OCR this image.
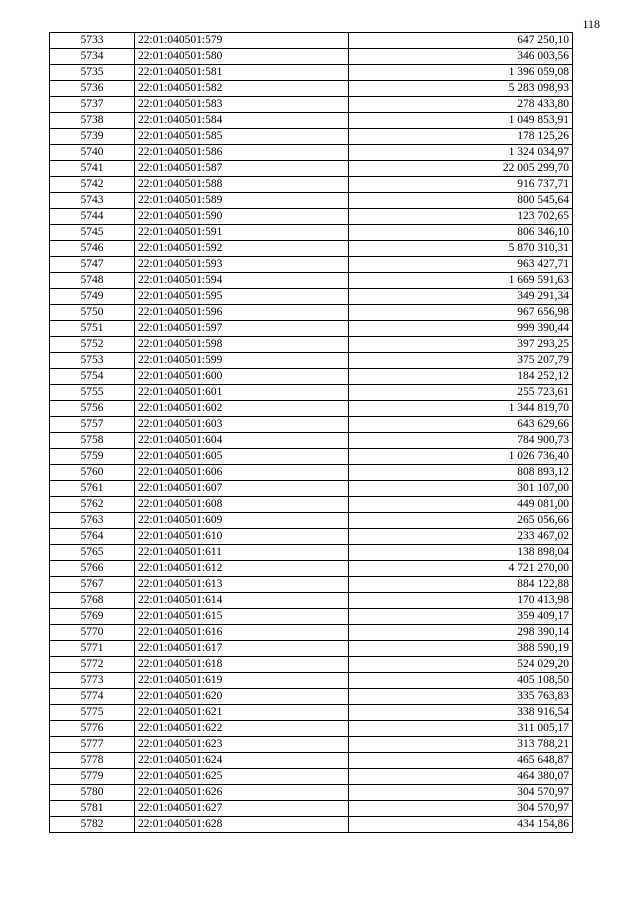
118
5733	22:01:040501:579	647 250,10
5734	22:01:040501:580	346 003,56
5735	22:01:040501:581	1 396 059,08
5736	22:01:040501:582	5 283 098,93
5737	22:01:040501:583	278 433,80
5738	22:01:040501:584	1 049 853,91
5739	22:01:040501:585	178 125,26
5740	22:01:040501:586	1 324 034,97
5741	22:01:040501:587	22 005 299,70
5742	22:01:040501:588	916 737,71
5743	22:01:040501:589	800 545,64
5744	22:01:040501:590	123 702,65
5745	22:01:040501:591	806 346,10
5746	22:01:040501:592	5 870 310,31
5747	22:01:040501:593	963 427,71
5748	22:01:040501:594	1 669 591,63
5749	22:01:040501:595	349 291,34
5750	22:01:040501:596	967 656,98
5751	22:01:040501:597	999 390,44
5752	22:01:040501:598	397 293,25
5753	22:01:040501:599	375 207,79
5754	22:01:040501:600	184 252,12
5755	22:01:040501:601	255 723,61
5756	22:01:040501:602	1 344 819,70
5757	22:01:040501:603	643 629,66
5758	22:01:040501:604	784 900,73
5759	22:01:040501:605	1 026 736,40
5760	22:01:040501:606	808 893,12
5761	22:01:040501:607	301 107,00
5762	22:01:040501:608	449 081,00
5763	22:01:040501:609	265 056,66
5764	22:01:040501:610	233 467,02
5765	22:01:040501:611	138 898,04
5766	22:01:040501:612	4 721 270,00
5767	22:01:040501:613	884 122,88
5768	22:01:040501:614	170 413,98
5769	22:01:040501:615	359 409,17
5770	22:01:040501:616	298 390,14
5771	22:01:040501:617	388 590,19
5772	22:01:040501:618	524 029,20
5773	22:01:040501:619	405 108,50
5774	22:01:040501:620	335 763,83
5775	22:01:040501:621	338 916,54
5776	22:01:040501:622	311 005,17
5777	22:01:040501:623	313 788,21
5778	22:01:040501:624	465 648,87
5779	22:01:040501:625	464 380,07
5780	22:01:040501:626	304 570,97
5781	22:01:040501:627	304 570,97
5782	22:01:040501:628	434 154,86
